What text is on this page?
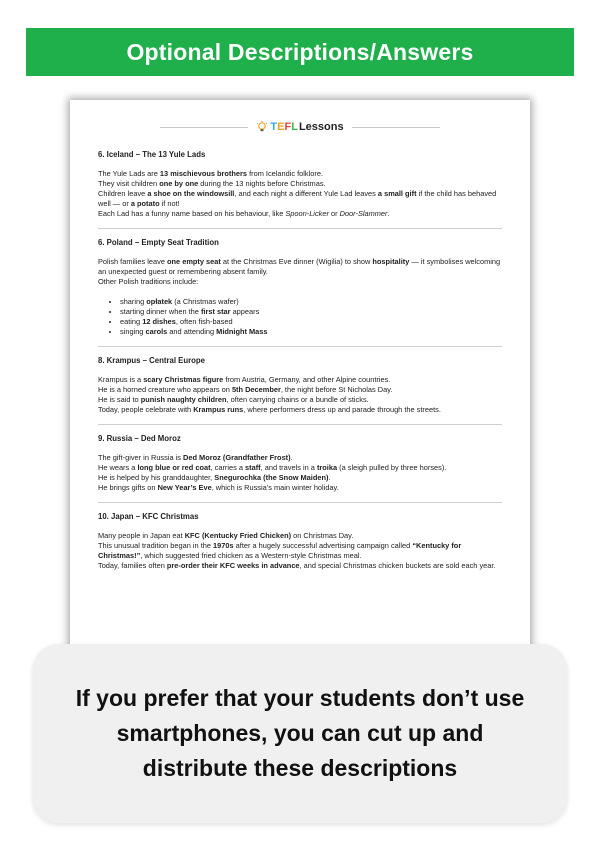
Optional Descriptions/Answers
T E F L Lessons
6. Iceland – The 13 Yule Lads

The Yule Lads are 13 mischievous brothers from Icelandic folklore.

They visit children one by one during the 13 nights before Christmas.

Children leave a shoe on the windowsill, and each night a different Yule Lad leaves a small gift if the child has behaved well — or a potato if not!

Each Lad has a funny name based on his behaviour, like Spoon-Licker or Door-Slammer.

6. Poland – Empty Seat Tradition

Polish families leave one empty seat at the Christmas Eve dinner (Wigilia) to show hospitality — it symbolises welcoming an unexpected guest or remembering absent family.

Other Polish traditions include:

• sharing opłatek (a Christmas wafer)
• starting dinner when the first star appears
• eating 12 dishes, often fish-based
• singing carols and attending Midnight Mass
8. Krampus – Central Europe

Krampus is a scary Christmas figure from Austria, Germany, and other Alpine countries.

He is a horned creature who appears on 5th December, the night before St Nicholas Day.

He is said to punish naughty children, often carrying chains or a bundle of sticks.

Today, people celebrate with Krampus runs, where performers dress up and parade through the streets.

9. Russia – Ded Moroz

The gift-giver in Russia is Ded Moroz (Grandfather Frost).

He wears a long blue or red coat, carries a staff, and travels in a troika (a sleigh pulled by three horses).

He is helped by his granddaughter, Snegurochka (the Snow Maiden).

He brings gifts on New Year’s Eve, which is Russia’s main winter holiday.

10. Japan – KFC Christmas

Many people in Japan eat KFC (Kentucky Fried Chicken) on Christmas Day.

This unusual tradition began in the 1970s after a hugely successful advertising campaign called “Kentucky for Christmas!”, which suggested fried chicken as a Western-style Christmas meal.

Today, families often pre-order their KFC weeks in advance, and special Christmas chicken buckets are sold each year.

If you prefer that your students don’t use smartphones, you can cut up and distribute these descriptions
